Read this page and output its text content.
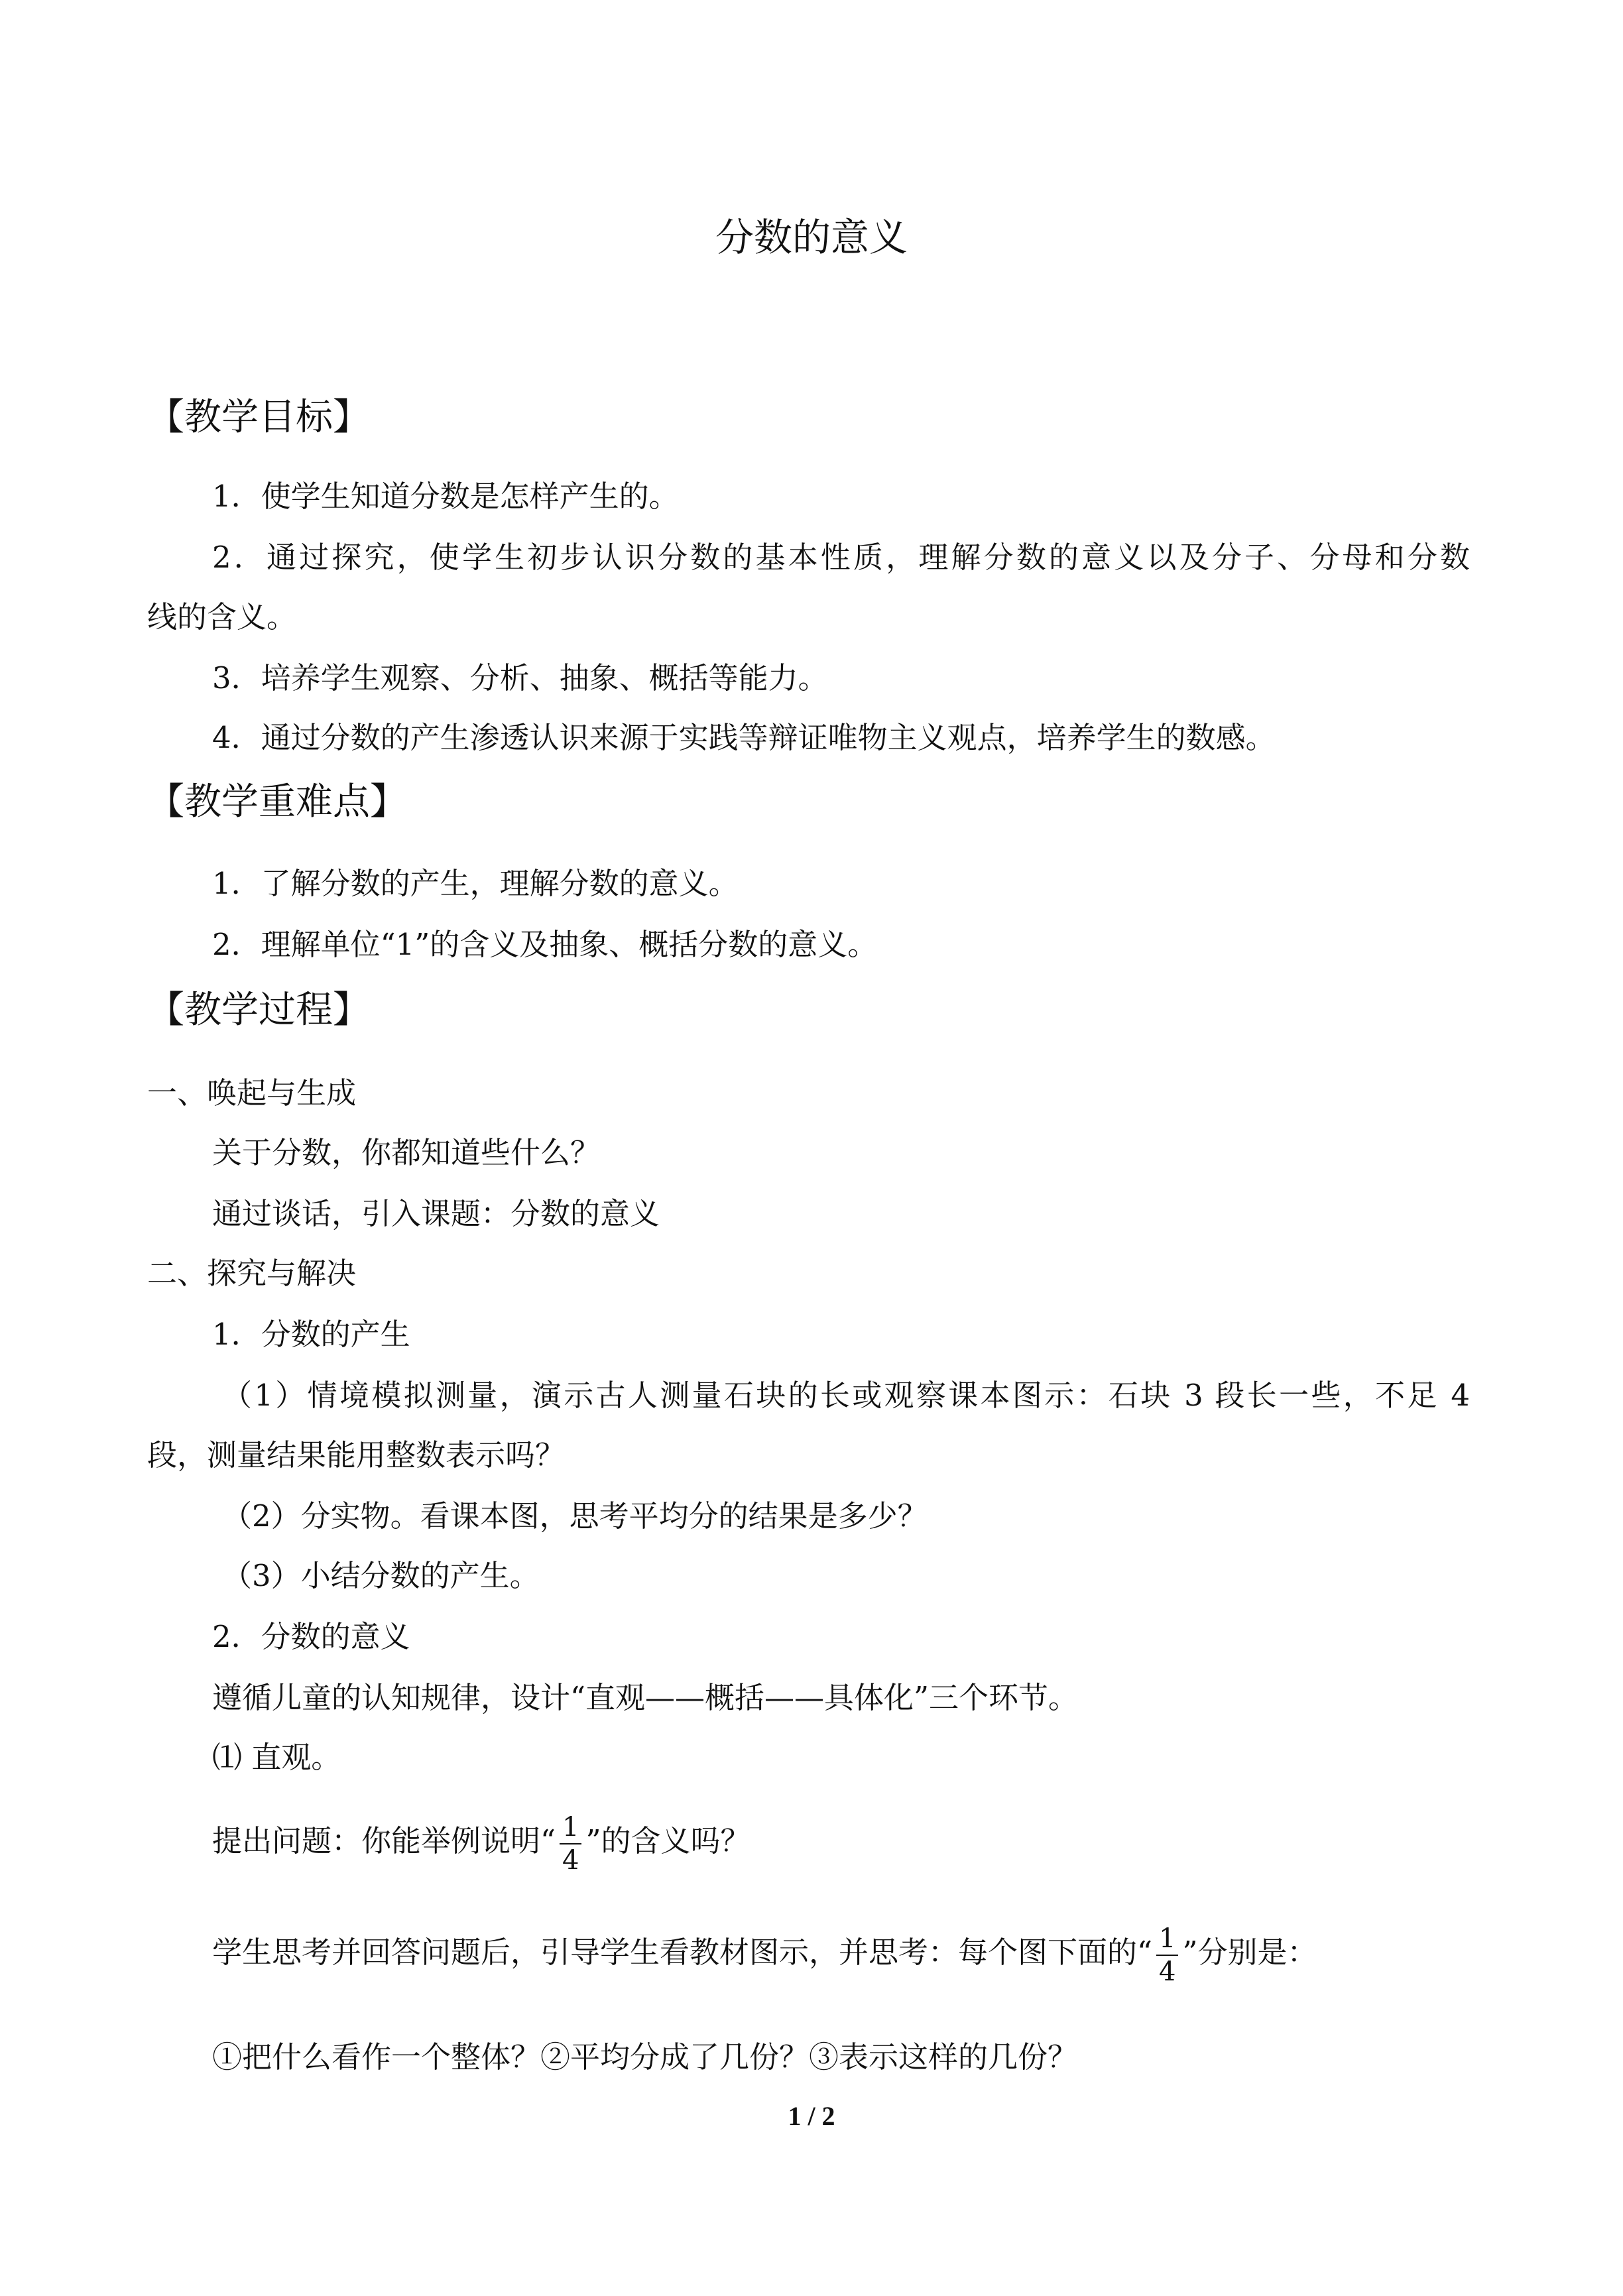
分数的意义
【教学目标】
1．使学生知道分数是怎样产生的。
2．通过探究，使学生初步认识分数的基本性质，理解分数的意义以及分子、分母和分数
线的含义。
3．培养学生观察、分析、抽象、概括等能力。
4．通过分数的产生渗透认识来源于实践等辩证唯物主义观点，培养学生的数感。
【教学重难点】
1．了解分数的产生，理解分数的意义。
2．理解单位“1”的含义及抽象、概括分数的意义。
【教学过程】
一、唤起与生成
关于分数，你都知道些什么？
通过谈话，引入课题：分数的意义
二、探究与解决
1．分数的产生
（1）情境模拟测量，演示古人测量石块的长或观察课本图示：石块 3 段长一些，不足 4
段，测量结果能用整数表示吗？
（2）分实物。看课本图，思考平均分的结果是多少？
（3）小结分数的产生。
2．分数的意义
遵循儿童的认知规律，设计“直观——概括——具体化”三个环节。
⑴ 直观。
提出问题：你能举例说明“ $\frac{1}{4}$ ”的含义吗？
学生思考并回答问题后，引导学生看教材图示，并思考：每个图下面的“ $\frac{1}{4}$ ”分别是：
①把什么看作一个整体？②平均分成了几份？③表示这样的几份？
1 / 2
